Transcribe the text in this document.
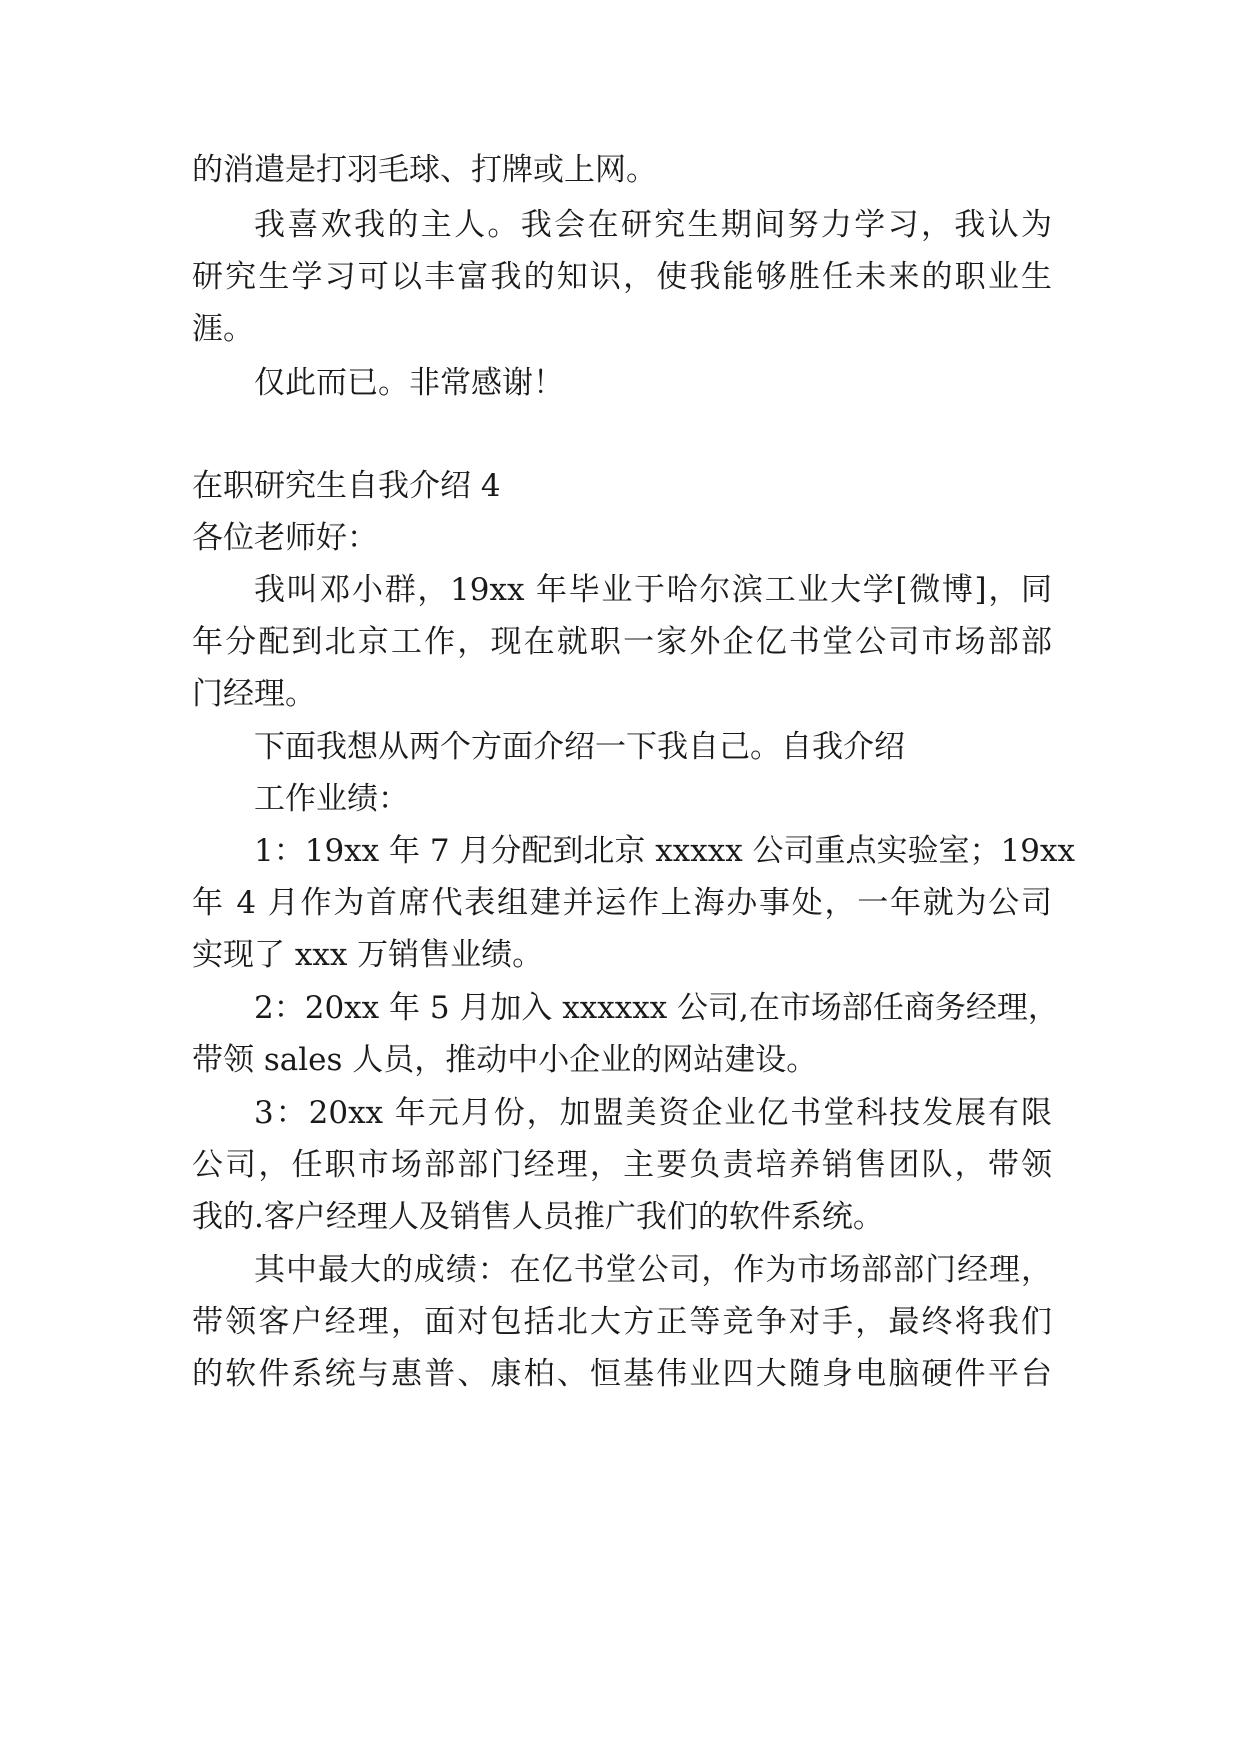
的消遣是打羽毛球、打牌或上网。
我喜欢我的主人。我会在研究生期间努力学习，我认为
研究生学习可以丰富我的知识，使我能够胜任未来的职业生
涯。
仅此而已。非常感谢！
在职研究生自我介绍 4
各位老师好：
我叫邓小群，19xx 年毕业于哈尔滨工业大学[微博]，同
年分配到北京工作，现在就职一家外企亿书堂公司市场部部
门经理。
下面我想从两个方面介绍一下我自己。自我介绍
工作业绩：
1：19xx 年 7 月分配到北京 xxxxx 公司重点实验室；19xx
年 4 月作为首席代表组建并运作上海办事处，一年就为公司
实现了 xxx 万销售业绩。
2：20xx 年 5 月加入 xxxxxx 公司,在市场部任商务经理，
带领 sales 人员，推动中小企业的网站建设。
3：20xx 年元月份，加盟美资企业亿书堂科技发展有限
公司，任职市场部部门经理，主要负责培养销售团队，带领
我的.客户经理人及销售人员推广我们的软件系统。
其中最大的成绩：在亿书堂公司，作为市场部部门经理，
带领客户经理，面对包括北大方正等竞争对手，最终将我们
的软件系统与惠普、康柏、恒基伟业四大随身电脑硬件平台
